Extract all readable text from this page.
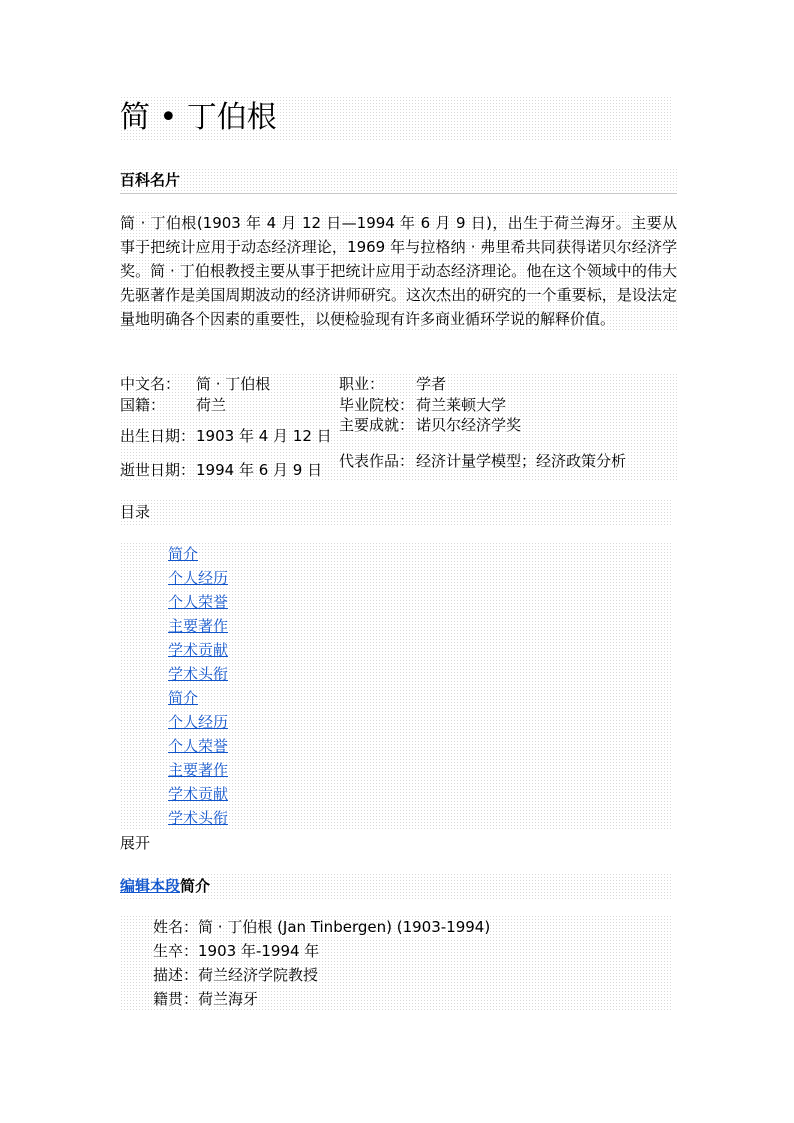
简 • 丁伯根
百科名片

简 · 丁伯根(1903 年 4 月 12 日—1994 年 6 月 9 日)，出生于荷兰海牙。主要从事于把统计应用于动态经济理论，1969 年与拉格纳 · 弗里希共同获得诺贝尔经济学奖。简 · 丁伯根教授主要从事于把统计应用于动态经济理论。他在这个领域中的伟大先驱著作是美国周期波动的经济讲师研究。这次杰出的研究的一个重要标，是设法定量地明确各个因素的重要性，以便检验现有许多商业循环学说的解释价值。

中文名：	简 · 丁伯根	职业：	学者
国籍：	荷兰	毕业院校：	荷兰莱顿大学
出生日期：	1903 年 4 月 12 日	主要成就：	诺贝尔经济学奖
逝世日期：	1994 年 6 月 9 日	代表作品：	经济计量学模型；经济政策分析
目录
简介
个人经历
个人荣誉
主要著作
学术贡献
学术头衔
简介
个人经历
个人荣誉
主要著作
学术贡献
学术头衔
展开
编辑本段简介
姓名：简 · 丁伯根 (Jan Tinbergen) (1903-1994)
生卒：1903 年-1994 年
描述：荷兰经济学院教授
籍贯：荷兰海牙
